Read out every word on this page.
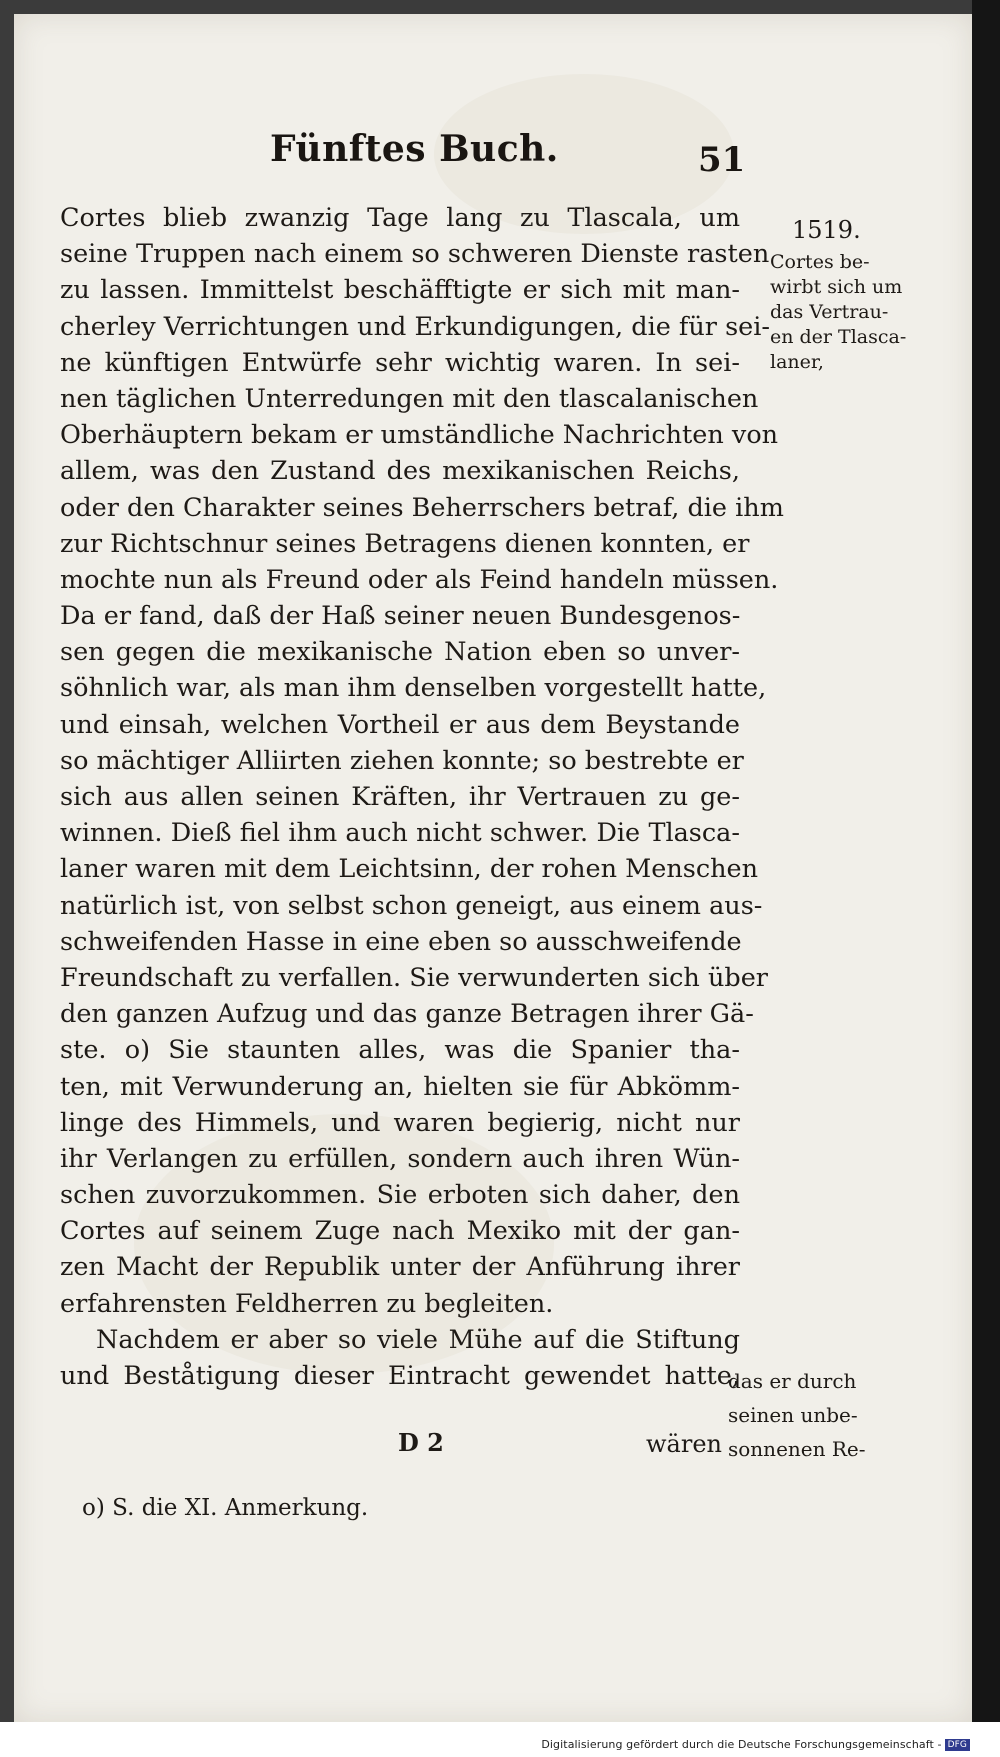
Fünftes Buch.	51
Cortes blieb zwanzig Tage lang zu Tlascala, um
seine Truppen nach einem so schweren Dienste rasten
zu lassen. Immittelst beschäfftigte er sich mit man-
cherley Verrichtungen und Erkundigungen, die für sei-
ne künftigen Entwürfe sehr wichtig waren. In sei-
nen täglichen Unterredungen mit den tlascalanischen
Oberhäuptern bekam er umständliche Nachrichten von
allem, was den Zustand des mexikanischen Reichs,
oder den Charakter seines Beherrschers betraf, die ihm
zur Richtschnur seines Betragens dienen konnten, er
mochte nun als Freund oder als Feind handeln müssen.
Da er fand, daß der Haß seiner neuen Bundesgenos-
sen gegen die mexikanische Nation eben so unver-
söhnlich war, als man ihm denselben vorgestellt hatte,
und einsah, welchen Vortheil er aus dem Beystande
so mächtiger Alliirten ziehen konnte; so bestrebte er
sich aus allen seinen Kräften, ihr Vertrauen zu ge-
winnen. Dieß fiel ihm auch nicht schwer. Die Tlasca-
laner waren mit dem Leichtsinn, der rohen Menschen
natürlich ist, von selbst schon geneigt, aus einem aus-
schweifenden Hasse in eine eben so ausschweifende
Freundschaft zu verfallen. Sie verwunderten sich über
den ganzen Aufzug und das ganze Betragen ihrer Gä-
ste. o) Sie staunten alles, was die Spanier tha-
ten, mit Verwunderung an, hielten sie für Abkömm-
linge des Himmels, und waren begierig, nicht nur
ihr Verlangen zu erfüllen, sondern auch ihren Wün-
schen zuvorzukommen. Sie erboten sich daher, den
Cortes auf seinem Zuge nach Mexiko mit der gan-
zen Macht der Republik unter der Anführung ihrer
erfahrensten Feldherren zu begleiten.
Nachdem er aber so viele Mühe auf die Stiftung
und Beståtigung dieser Eintracht gewendet hatte,
1519.
Cortes be-
wirbt sich um
das Vertrau-
en der Tlasca-
laner,
das er durch
seinen unbe-
sonnenen Re-
D 2	wären
o) S. die XI. Anmerkung.
Digitalisierung gefördert durch die Deutsche Forschungsgemeinschaft - DFG
